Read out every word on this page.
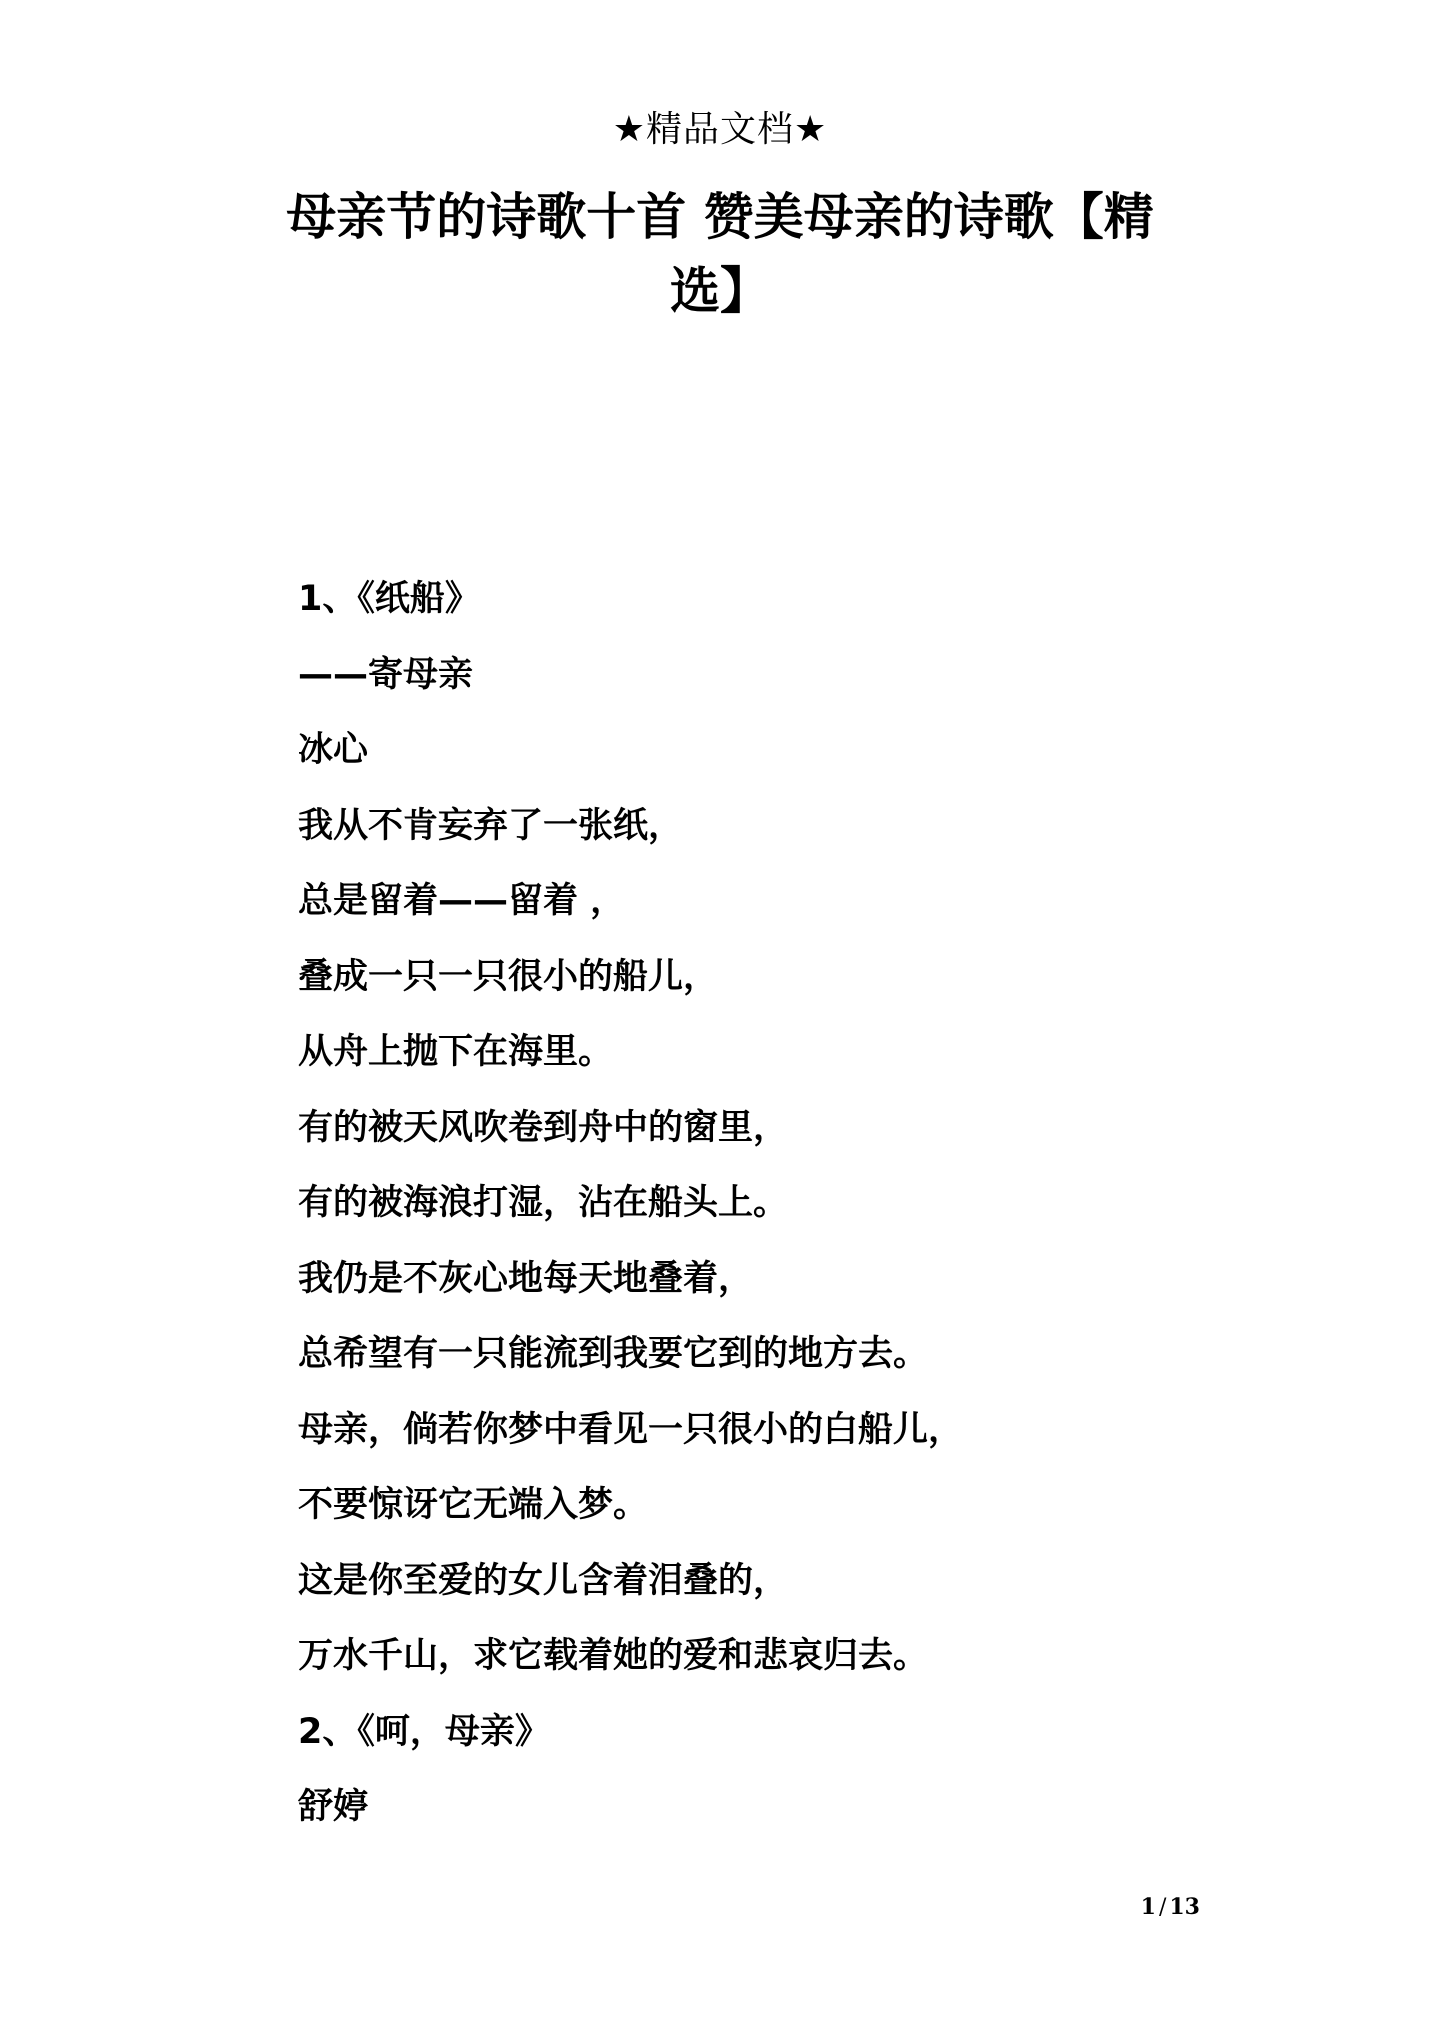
★精品文档★
母亲节的诗歌十首 赞美母亲的诗歌【精
选】
1、《纸船》
——寄母亲
冰心
我从不肯妄弃了一张纸，
总是留着——留着 ，
叠成一只一只很小的船儿，
从舟上抛下在海里。
有的被天风吹卷到舟中的窗里，
有的被海浪打湿，沾在船头上。
我仍是不灰心地每天地叠着，
总希望有一只能流到我要它到的地方去。
母亲，倘若你梦中看见一只很小的白船儿，
不要惊讶它无端入梦。
这是你至爱的女儿含着泪叠的，
万水千山，求它载着她的爱和悲哀归去。
2、《呵，母亲》
舒婷
1 / 13
